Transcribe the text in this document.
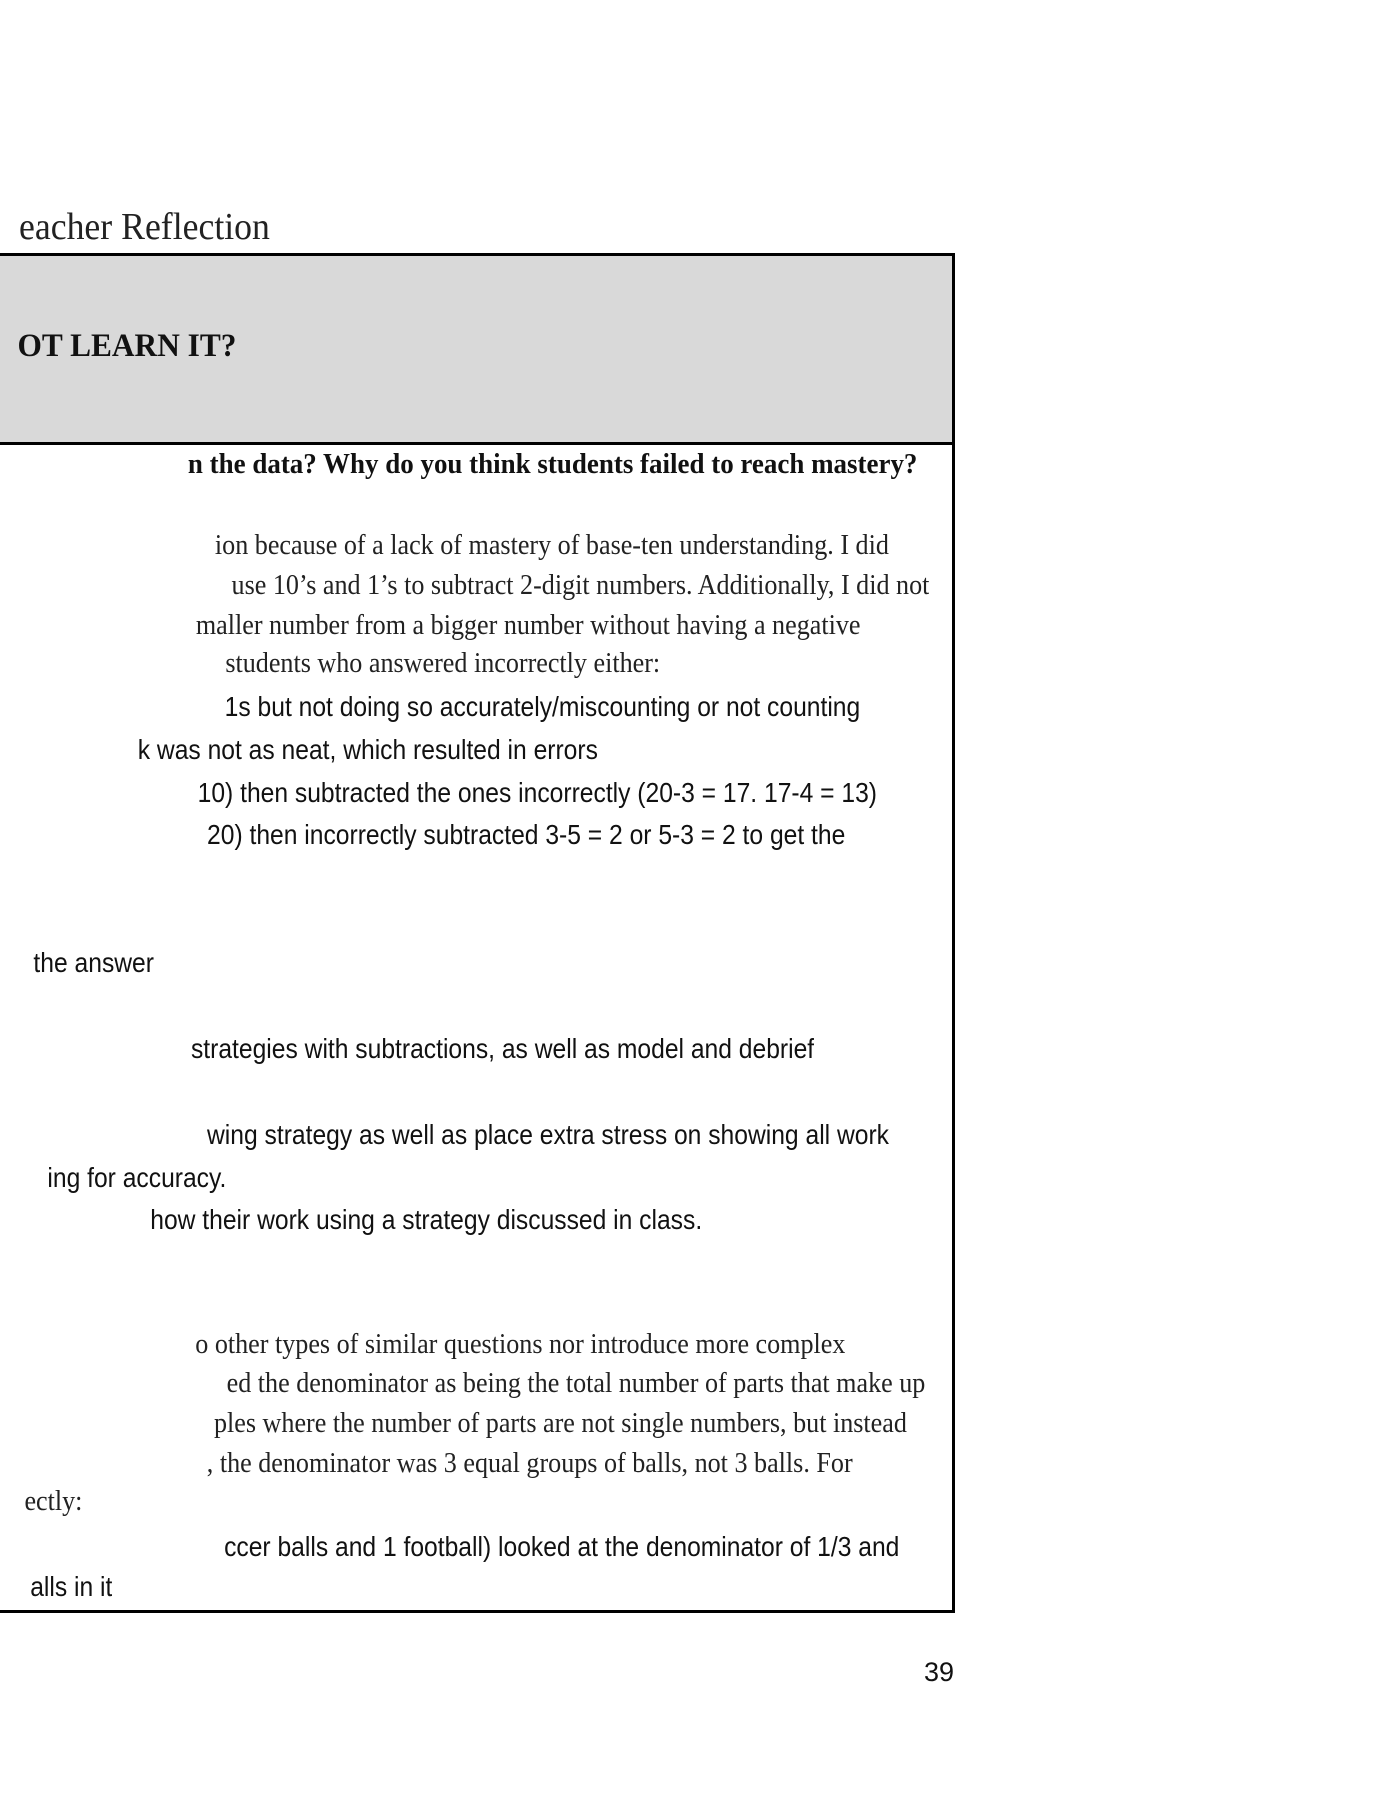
eacher Reflection
OT LEARN IT?
n the data? Why do you think students failed to reach mastery?
ion because of a lack of mastery of base-ten understanding. I did
use 10’s and 1’s to subtract 2-digit numbers. Additionally, I did not
maller number from a bigger number without having a negative
students who answered incorrectly either:
1s but not doing so accurately/miscounting or not counting
k was not as neat, which resulted in errors
10) then subtracted the ones incorrectly (20-3 = 17. 17-4 = 13)
20) then incorrectly subtracted 3-5 = 2 or 5-3 = 2 to get the
the answer
strategies with subtractions, as well as model and debrief
wing strategy as well as place extra stress on showing all work
ing for accuracy.
how their work using a strategy discussed in class.
o other types of similar questions nor introduce more complex
ed the denominator as being the total number of parts that make up
ples where the number of parts are not single numbers, but instead
, the denominator was 3 equal groups of balls, not 3 balls. For
ectly:
ccer balls and 1 football) looked at the denominator of 1/3 and
alls in it
39
